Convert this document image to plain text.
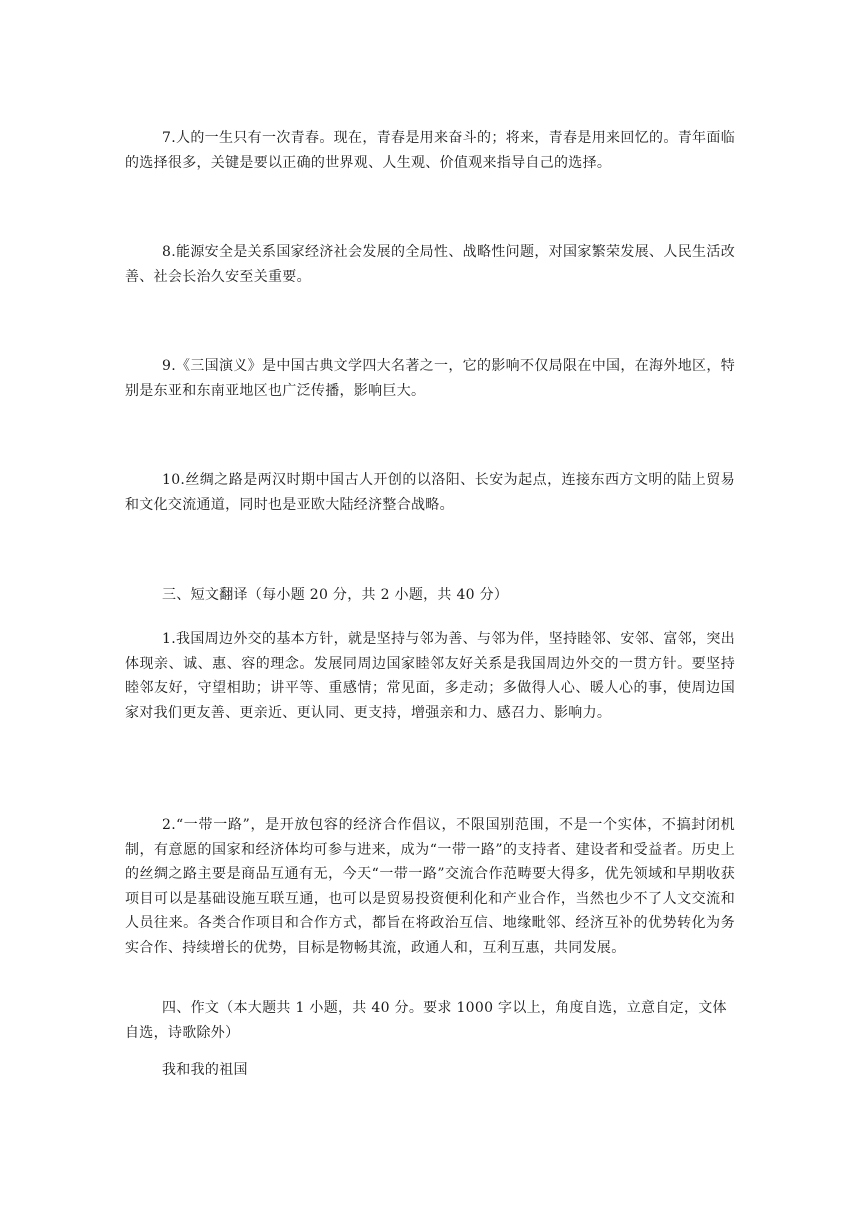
7.人的一生只有一次青春。现在，青春是用来奋斗的；将来，青春是用来回忆的。青年面临的选择很多，关键是要以正确的世界观、人生观、价值观来指导自己的选择。

8.能源安全是关系国家经济社会发展的全局性、战略性问题，对国家繁荣发展、人民生活改善、社会长治久安至关重要。

9.《三国演义》是中国古典文学四大名著之一，它的影响不仅局限在中国，在海外地区，特别是东亚和东南亚地区也广泛传播，影响巨大。

10.丝绸之路是两汉时期中国古人开创的以洛阳、长安为起点，连接东西方文明的陆上贸易和文化交流通道，同时也是亚欧大陆经济整合战略。

三、短文翻译（每小题 20 分，共 2 小题，共 40 分）

1.我国周边外交的基本方针，就是坚持与邻为善、与邻为伴，坚持睦邻、安邻、富邻，突出体现亲、诚、惠、容的理念。发展同周边国家睦邻友好关系是我国周边外交的一贯方针。要坚持睦邻友好，守望相助；讲平等、重感情；常见面，多走动；多做得人心、暖人心的事，使周边国家对我们更友善、更亲近、更认同、更支持，增强亲和力、感召力、影响力。

2.“一带一路”，是开放包容的经济合作倡议，不限国别范围，不是一个实体，不搞封闭机制，有意愿的国家和经济体均可参与进来，成为“一带一路”的支持者、建设者和受益者。历史上的丝绸之路主要是商品互通有无，今天“一带一路”交流合作范畴要大得多，优先领域和早期收获项目可以是基础设施互联互通，也可以是贸易投资便利化和产业合作，当然也少不了人文交流和人员往来。各类合作项目和合作方式，都旨在将政治互信、地缘毗邻、经济互补的优势转化为务实合作、持续增长的优势，目标是物畅其流，政通人和，互利互惠，共同发展。

四、作文（本大题共 1 小题，共 40 分。要求 1000 字以上，角度自选，立意自定，文体自选，诗歌除外）

我和我的祖国
